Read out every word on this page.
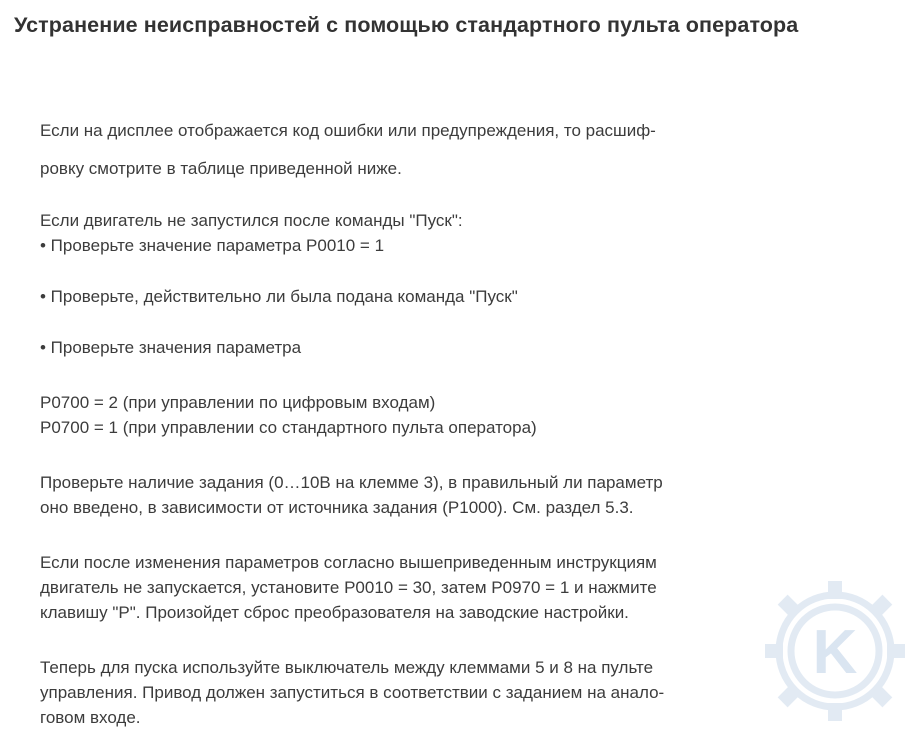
Устранение неисправностей с помощью стандартного пульта оператора

Если на дисплее отображается код ошибки или предупреждения, то расшиф-
ровку смотрите в таблице приведенной ниже.

Если двигатель не запустился после команды "Пуск":

• Проверьте значение параметра P0010 = 1

• Проверьте, действительно ли была подана команда "Пуск"

• Проверьте значения параметра

P0700 = 2 (при управлении по цифровым входам)
P0700 = 1 (при управлении со стандартного пульта оператора)

Проверьте наличие задания (0…10В на клемме 3), в правильный ли параметр
оно введено, в зависимости от источника задания (P1000). См. раздел 5.3.

Если после изменения параметров согласно вышеприведенным инструкциям
двигатель не запускается, установите P0010 = 30, затем P0970 = 1 и нажмите
клавишу "P". Произойдет сброс преобразователя на заводские настройки.

Теперь для пуска используйте выключатель между клеммами 5 и 8 на пульте
управления. Привод должен запуститься в соответствии с заданием на анало-
говом входе.

K
